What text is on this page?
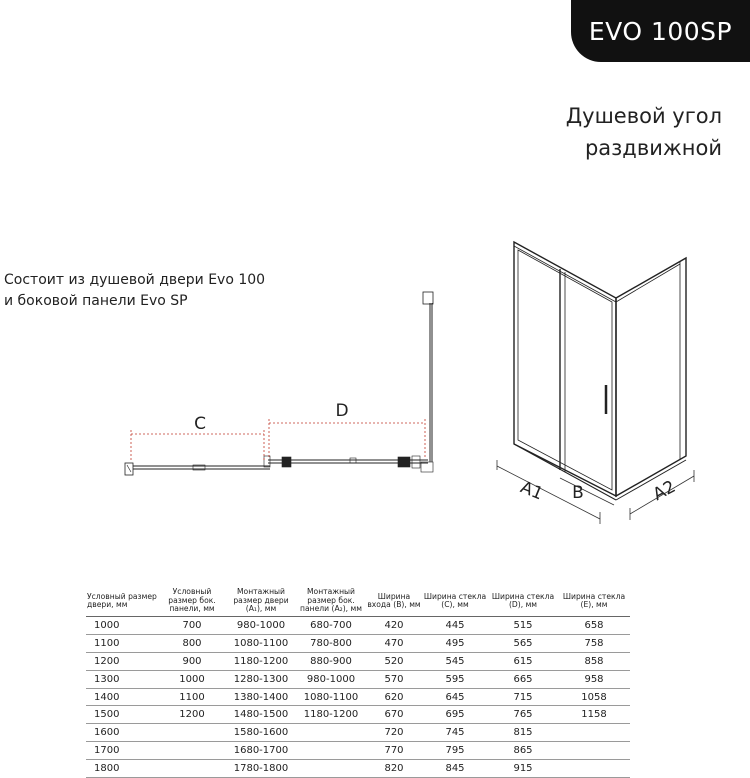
EVO 100SP
Душевой угол
раздвижной
Состоит из душевой двери Evo 100
и боковой панели Evo SP
C
D
A1 B	A2
Условный размер двери, мм	Условный размер бок. панели, мм	Монтажный размер двери (A₁), мм	Монтажный размер бок. панели (A₂), мм	Ширина входа (B), мм	Ширина стекла (C), мм	Ширина стекла (D), мм	Ширина стекла (E), мм
1000	700	980-1000	680-700	420	445	515	658
1100	800	1080-1100	780-800	470	495	565	758
1200	900	1180-1200	880-900	520	545	615	858
1300	1000	1280-1300	980-1000	570	595	665	958
1400	1100	1380-1400	1080-1100	620	645	715	1058
1500	1200	1480-1500	1180-1200	670	695	765	1158
1600		1580-1600		720	745	815	
1700		1680-1700		770	795	865	
1800		1780-1800		820	845	915	
